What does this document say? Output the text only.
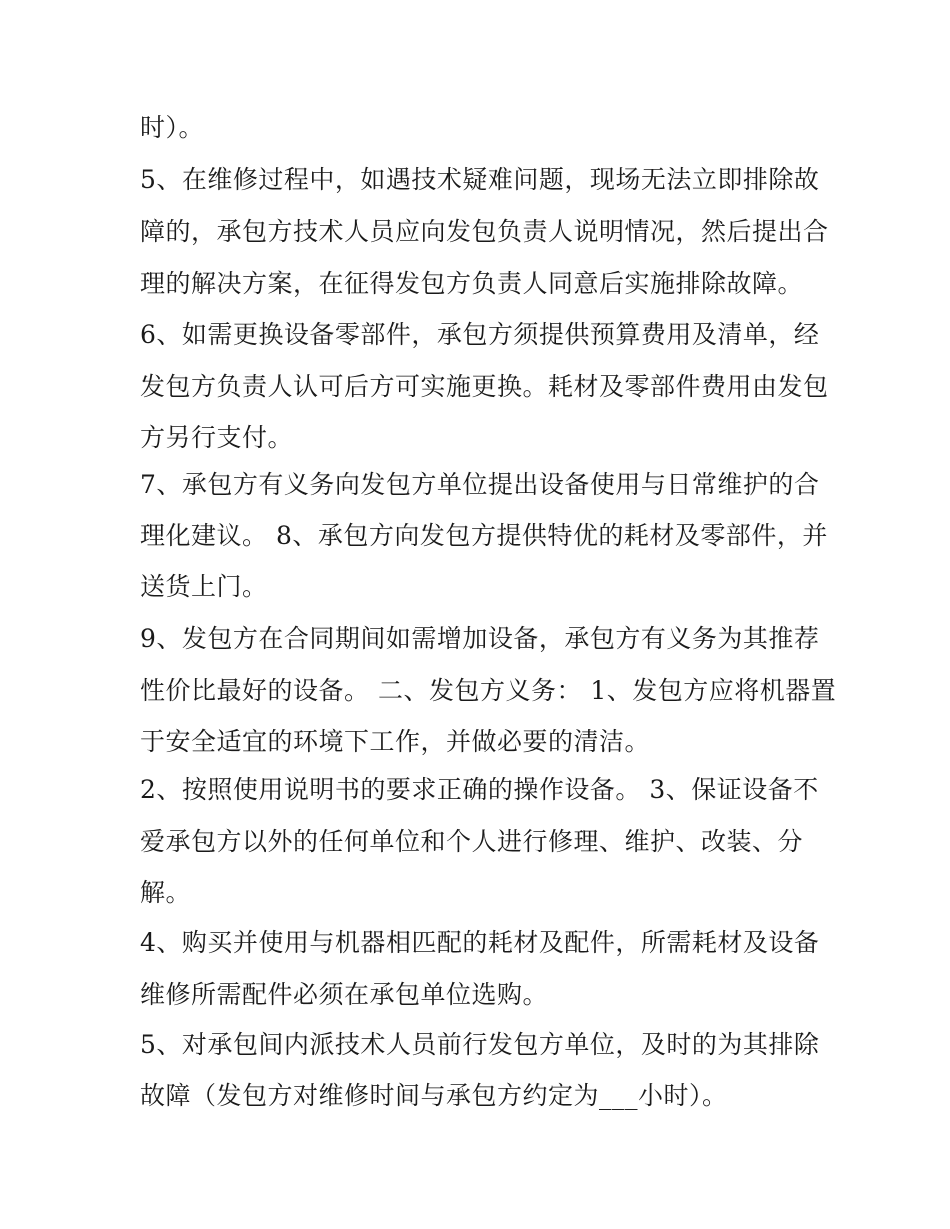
时）。
5、在维修过程中，如遇技术疑难问题，现场无法立即排除故
障的，承包方技术人员应向发包负责人说明情况，然后提出合
理的解决方案，在征得发包方负责人同意后实施排除故障。
6、如需更换设备零部件，承包方须提供预算费用及清单，经
发包方负责人认可后方可实施更换。耗材及零部件费用由发包
方另行支付。
7、承包方有义务向发包方单位提出设备使用与日常维护的合
理化建议。 8、承包方向发包方提供特优的耗材及零部件，并
送货上门。
9、发包方在合同期间如需增加设备，承包方有义务为其推荐
性价比最好的设备。 二、发包方义务： 1、发包方应将机器置
于安全适宜的环境下工作，并做必要的清洁。
2、按照使用说明书的要求正确的操作设备。 3、保证设备不
爱承包方以外的任何单位和个人进行修理、维护、改装、分
解。
4、购买并使用与机器相匹配的耗材及配件，所需耗材及设备
维修所需配件必须在承包单位选购。
5、对承包间内派技术人员前行发包方单位，及时的为其排除
故障（发包方对维修时间与承包方约定为___小时）。
